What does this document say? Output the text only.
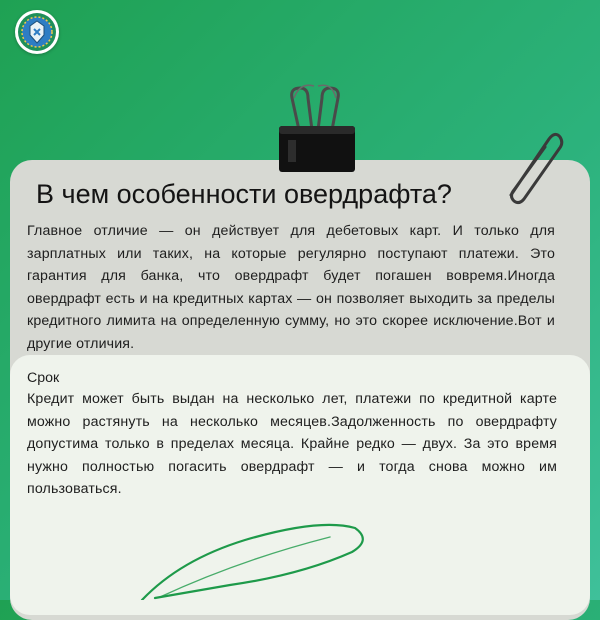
В чем особенности овердрафта?
Главное отличие — он действует для дебетовых карт. И только для зарплатных или таких, на которые регулярно поступают платежи. Это гарантия для банка, что овердрафт будет погашен вовремя.Иногда овердрафт есть и на кредитных картах — он позволяет выходить за пределы кредитного лимита на определенную сумму, но это скорее исключение.Вот и другие отличия.
Срок
Кредит может быть выдан на несколько лет, платежи по кредитной карте можно растянуть на несколько месяцев.Задолженность по овердрафту допустима только в пределах месяца. Крайне редко — двух. За это время нужно полностью погасить овердрафт — и тогда снова можно им пользоваться.
